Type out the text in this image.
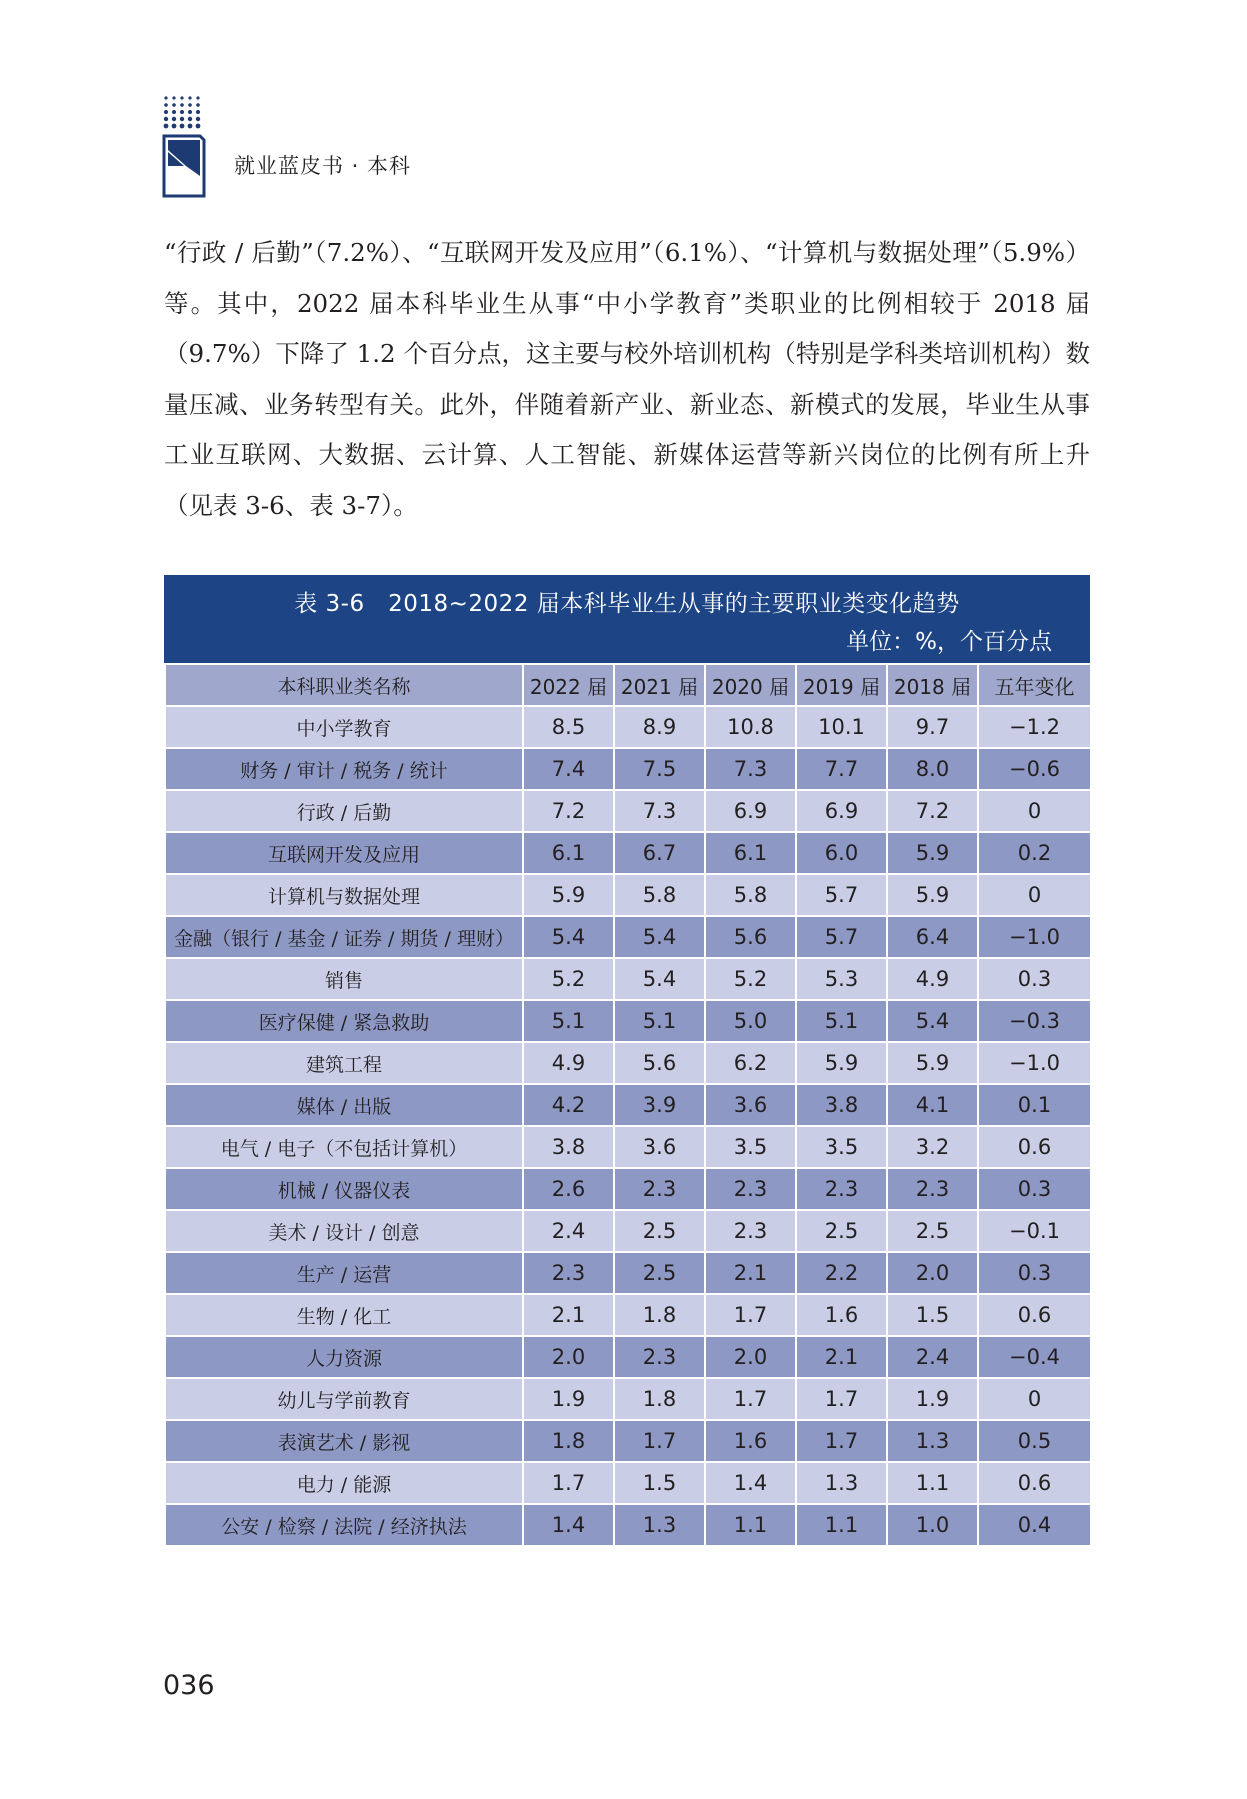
就业蓝皮书 · 本科

“行政 / 后勤”（7.2%）、“互联网开发及应用”（6.1%）、“计算机与数据处理”（5.9%）等。其中，2022 届本科毕业生从事“中小学教育”类职业的比例相较于 2018 届（9.7%）下降了 1.2 个百分点，这主要与校外培训机构（特别是学科类培训机构）数量压减、业务转型有关。此外，伴随着新产业、新业态、新模式的发展，毕业生从事工业互联网、大数据、云计算、人工智能、新媒体运营等新兴岗位的比例有所上升（见表 3-6、表 3-7）。

表 3-6　2018~2022 届本科毕业生从事的主要职业类变化趋势
单位：%，个百分点
本科职业类名称	2022 届	2021 届	2020 届	2019 届	2018 届	五年变化
中小学教育	8.5	8.9	10.8	10.1	9.7	−1.2
财务 / 审计 / 税务 / 统计	7.4	7.5	7.3	7.7	8.0	−0.6
行政 / 后勤	7.2	7.3	6.9	6.9	7.2	0
互联网开发及应用	6.1	6.7	6.1	6.0	5.9	0.2
计算机与数据处理	5.9	5.8	5.8	5.7	5.9	0
金融（银行 / 基金 / 证券 / 期货 / 理财）	5.4	5.4	5.6	5.7	6.4	−1.0
销售	5.2	5.4	5.2	5.3	4.9	0.3
医疗保健 / 紧急救助	5.1	5.1	5.0	5.1	5.4	−0.3
建筑工程	4.9	5.6	6.2	5.9	5.9	−1.0
媒体 / 出版	4.2	3.9	3.6	3.8	4.1	0.1
电气 / 电子（不包括计算机）	3.8	3.6	3.5	3.5	3.2	0.6
机械 / 仪器仪表	2.6	2.3	2.3	2.3	2.3	0.3
美术 / 设计 / 创意	2.4	2.5	2.3	2.5	2.5	−0.1
生产 / 运营	2.3	2.5	2.1	2.2	2.0	0.3
生物 / 化工	2.1	1.8	1.7	1.6	1.5	0.6
人力资源	2.0	2.3	2.0	2.1	2.4	−0.4
幼儿与学前教育	1.9	1.8	1.7	1.7	1.9	0
表演艺术 / 影视	1.8	1.7	1.6	1.7	1.3	0.5
电力 / 能源	1.7	1.5	1.4	1.3	1.1	0.6
公安 / 检察 / 法院 / 经济执法	1.4	1.3	1.1	1.1	1.0	0.4
036
